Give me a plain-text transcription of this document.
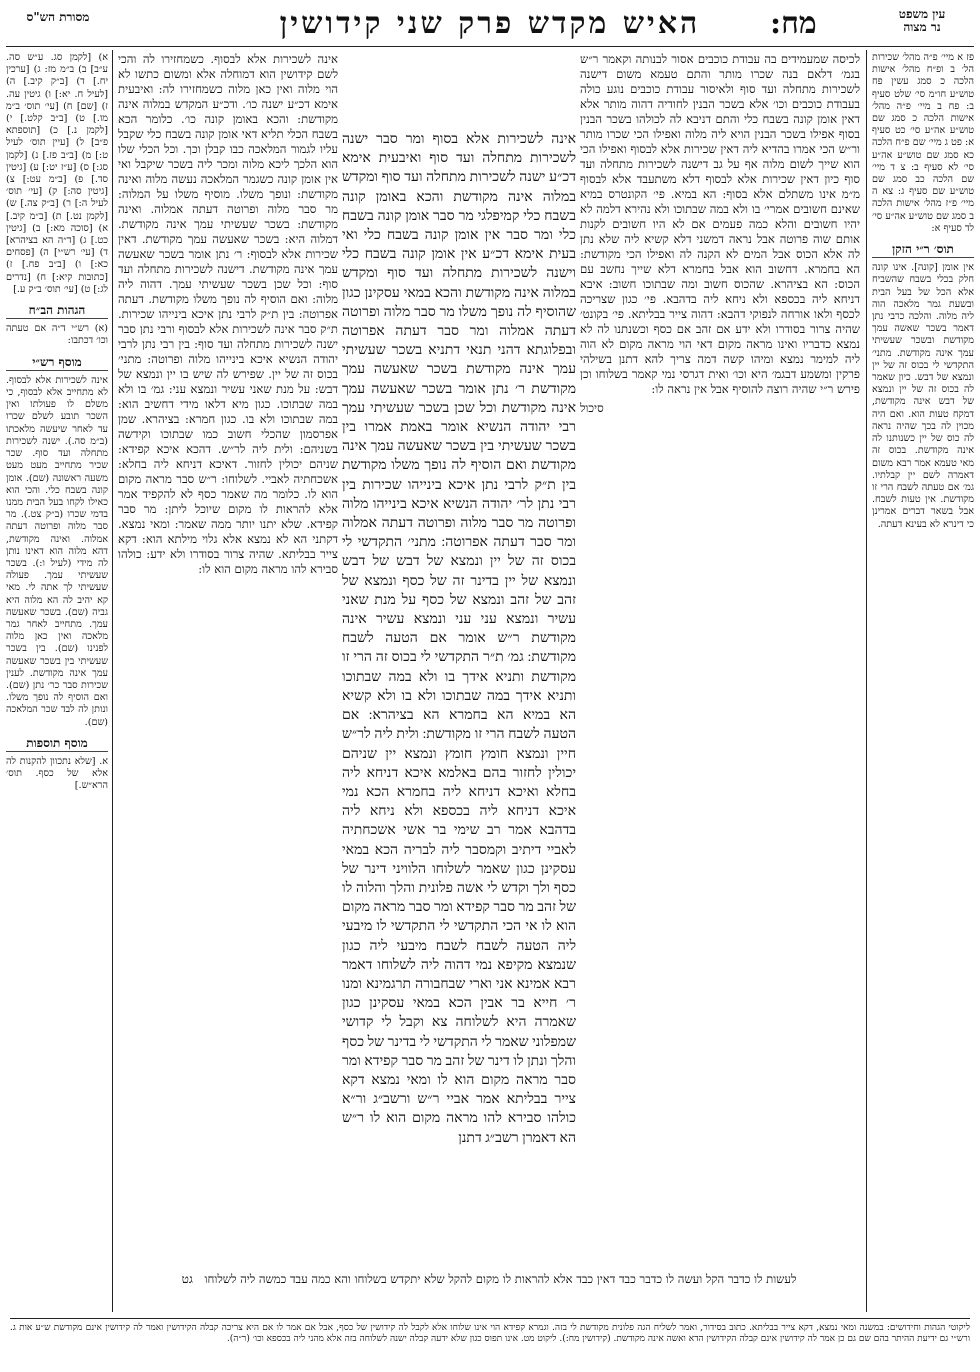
מסורת הש"ס	האיש מקדש פרק שני קידושין	מח:	עין משפט
נר מצוה
פז א מיי׳ פ״ה מהל׳ שכירות הל׳ ב ופ״ח מהל׳ אישות הלכה כ סמג עשין פח טוש״ע חו״מ סי׳ שלט סעיף ב: פח ב מיי׳ פ״ה מהל׳ אישות הלכה כ סמג שם טוש״ע אה״ע סי׳ כט סעיף א: פט ג מיי׳ שם פ״ח הלכה כא סמג שם טוש״ע אה״ע סי׳ לא סעיף ב: צ ד מיי׳ שם הלכה כב סמג שם טוש״ע שם סעיף ג: צא ה מיי׳ פ״ז מהל׳ אישות הלכה ב סמג שם טוש״ע אה״ע סי׳ לד סעיף א:
תוס׳ ר״י הזקן
אין אומן [קונה]. אינו קונה חלק בכלי בשבח שהשביח אלא הכל של בעל הבית ובשעת גמר מלאכה הוה ליה מלוה. והלכה כרבי נתן דאמר בשכר שאשה עמך מקודשת ובשכר שעשיתי עמך אינה מקודשת. מתני׳ התקדשי לי בכוס זה של יין ונמצא של דבש. כיון שאמר לה בכוס זה של יין ונמצא של דבש אינה מקודשת, דמקח טעות הוא. ואם היה מכוין לה בכך שהיה נראה לה כוס של יין כשנותנו לה אינה מקודשת. בכוס זה מאי טעמא אמר רבא משום דאמרה לשם יין קבלתיו. גמ׳ אם טעתה לשבח הרי זו מקודשת. אין טעות לשבח. אבל בשאר דברים אמרינן כי דינרא לא בעינא דעתה.
לכיסה שמעמידים בה עבודת כוכבים אסור לבנותה וקאמר ר״ש בגמ׳ דלאם בנה שכרו מותר והתם טעמא משום דישנה לשכירות מתחלה ועד סוף ולאיסור עבודת כוכבים נוגע כולה בעבודת כוכבים וכו׳ אלא בשכר הבנין לחודיה דהוה מותר אלא דאין אומן קונה בשבח כלי והתם דניבא לה לכולהו בשכר הבנין בסוף אפילו בשכר הבנין הויא ליה מלוה ואפילו הכי שכרו מותר ור״ש הכי אמרו בהדיא ליה דאין שכירות אלא לבסוף ואפילו הכי הוא שייך לשום מלוה אף על גב דישנה לשכירות מתחלה ועד סוף כיון דאין שכירות אלא לבסוף דלא משתעבד אלא לבסוף מ״מ אינו משתלם אלא בסוף: הא במיא. פי׳ הקונטרס במיא שאינם חשובים אמרי׳ בו ולא במה שבתוכו ולא נהירא דלמה לא יהיו חשובים והלא כמה פעמים אם לא היו חשובים לקנות אותם שוה פרוטה אבל נראה דמשני דלא קשיא ליה שלא נתן לה אלא הכוס אבל המים לא הקנה לה ואפילו הכי מקודשת: הא בחמרא. דחשוב הוא אבל בחמרא דלא שייך נחשב עם הכוס: הא בציהרא. שהכוס חשוב ומה שבתוכו חשוב: איבא דניחא ליה בכספא ולא ניחא ליה בדהבא. פי׳ כגון שצריכה לכסף ולאו אורחה לנפוקי דהבא: דהוה צייר בבליתא. פי׳ בקונט׳ שהיה צרור בסודרו ולא ידע אם זהב אם כסף וכשנתנו לה לא נמצא כדבריו ואינו מראה מקום דאי הוי מראה מקום לא הוה ליה למימר נמצא ומיהו קשה דמה צריך להא דתנן בשילהי פרקין ומשמע דבגמ׳ היא וכו׳ ואית דגרסי נמי קאמר בשלוחו וכן פירש ר״י שהיה רוצה להוסיף אבל אין נראה לו:
סיכול
אינה לשכירות אלא בסוף ומר סבר ישנה לשכירות מתחלה ועד סוף ואיבעית אימא דכ״ע ישנה לשכירות מתחלה ועד סוף ומקדש במלוה אינה מקודשת והכא באומן קונה בשבח כלי קמיפלגי מר סבר אומן קונה בשבח כלי ומר סבר אין אומן קונה בשבח כלי ואי בעית אימא דכ״ע אין אומן קונה בשבח כלי וישנה לשכירות מתחלה ועד סוף ומקדש במלוה אינה מקודשת והכא במאי עסקינן כגון שהוסיף לה נופך משלו מר סבר מלוה ופרוטה דעתה אמלוה ומר סבר דעתה אפרוטה ובפלוגתא דהני תנאי דתניא בשכר שעשיתי עמך אינה מקודשת בשכר שאעשה עמך מקודשת ר׳ נתן אומר בשכר שאעשה עמך אינה מקודשת וכל שכן בשכר שעשיתי עמך רבי יהודה הנשיא אומר באמת אמרו בין בשכר שעשיתי בין בשכר שאעשה עמך אינה מקודשת ואם הוסיף לה נופך משלו מקודשת בין ת״ק לרבי נתן איכא בינייהו שכירות בין רבי נתן לר׳ יהודה הנשיא איכא בינייהו מלוה ופרוטה מר סבר מלוה ופרוטה דעתה אמלוה ומר סבר דעתה אפרוטה: מתני׳ התקדשי לי בכוס זה של יין ונמצא של דבש של דבש ונמצא של יין בדינר זה של כסף ונמצא של זהב של זהב ונמצא של כסף על מנת שאני עשיר ונמצא עני עני ונמצא עשיר אינה מקודשת ר״ש אומר אם הטעה לשבח מקודשת: גמ׳ ת״ר התקדשי לי בכוס זה הרי זו מקודשת ותניא אידך בו ולא במה שבתוכו ותניא אידך במה שבתוכו ולא בו ולא קשיא הא במיא הא בחמרא הא בציהרא: אם הטעה לשבח הרי זו מקודשת: ולית ליה לר״ש חיין ונמצא חומץ חומץ ונמצא יין שניהם יכולין לחזור בהם באלמא איכא דניחא ליה בחלא ואיכא דניחא ליה בחמרא הכא נמי איכא דניחא ליה בכספא ולא ניחא ליה בדהבא אמר רב שימי בר אשי אשכחתיה לאביי דיתיב וקמסבר ליה לבריה הכא במאי עסקינן כגון שאמר לשלוחו הלוויני דינר של כסף ולך וקדש לי אשה פלונית והלך והלוה לו של זהב מר סבר קפידא ומר סבר מראה מקום הוא לו אי הכי התקדשי לי התקדשי לו מיבעי ליה הטעה לשבח לשבח מיבעי ליה כגון שנמצא מקיפא נמי דהוה ליה לשלוחו דאמר רבא אמינא אני וארי שבחבורה תרגמינא ומנו ר׳ חייא בר אבין הכא במאי עסקינן כגון שאמרה היא לשלוחה צא וקבל לי קדושי שמפלוני שאמר לי התקדשי לי בדינר של כסף והלך ונתן לו דינר של זהב מר סבר קפידא ומר סבר מראה מקום הוא לו ומאי נמצא דקא צייר בבליתא אמר אביי ר״ש ורשב״ג ור״א כולהו סבירא להו מראה מקום הוא לו ר״ש הא דאמרן רשב״ג דתנן
אינה לשכירות אלא לבסוף. כשמחזירו לה והכי לשם קידושין הוא דמוחלה אלא ומשום כתשו לא הוי מלוה ואין כאן מלוה כשמחזירו לה: ואיבעית אימא דכ״ע ישנה כו׳. ודכ״ע המקדש במלוה אינה מקודשת: והכא באומן קונה כו׳. כלומר הכא בשבח הכלי תליא דאי אומן קונה בשבח כלי שקבל עליו לגמור המלאכה כבו קבלן וכך. וכל הכלי שלו הוא הלכך ליכא מלוה ומכר ליה בשכר שיקבל ואי אין אומן קונה כשגמר המלאכה נעשה מלוה ואינה מקודשת: ונופך משלו. מוסיף משלו על המלוה: מר סבר מלוה ופרוטה דעתה אמלוה. ואינה מקודשת: בשכר שעשיתי עמך אינה מקודשת. דמלוה היא: בשכר שאעשה עמך מקודשת. דאין שכירות אלא לבסוף: ר׳ נתן אומר בשכר שאעשה עמך אינה מקודשת. דישנה לשכירות מתחלה ועד סוף: וכל שכן בשכר שעשיתי עמך. דהוה ליה מלוה: ואם הוסיף לה נופך משלו מקודשת. דעתה אפרוטה: בין ת״ק לרבי נתן איכא בינייהו שכירות. ת״ק סבר אינה לשכירות אלא לבסוף ורבי נתן סבר ישנה לשכירות מתחלה ועד סוף: בין רבי נתן לרבי יהודה הנשיא איכא בינייהו מלוה ופרוטה: מתני׳ בכוס זה של יין. שפירש לה שיש בו יין ונמצא של דבש: על מנת שאני עשיר ונמצא עני: גמ׳ בו ולא במה שבתוכו. כגון מיא דלאו מידי דחשיב הוא: במה שבתוכו ולא בו. כגון חמרא: בציהרא. שמן אפרסמון שהכלי חשוב כמו שבתוכו וקידשה בשניהם: ולית ליה לר״ש. דהכא איכא קפידא: שניהם יכולין לחזור. דאיכא דניחא ליה בחלא: אשכחתיה לאביי. לשלוחו: ר״ש סבר מראה מקום הוא לו. כלומר מה שאמר כסף לא להקפיד אמר אלא להראות לו מקום שיוכל ליתן: מר סבר קפידא. שלא יתנו יותר ממה שאמר: ומאי נמצא. דקתני הא לא נמצא אלא גלוי מילתא הוא: דקא צייר בבליתא. שהיה צרור בסודרו ולא ידע: כולהו סבירא להו מראה מקום הוא לו:
לעשות לו כדבר הקל ועשה לו כדבר כבד דאין כבד אלא להראות לו מקום להקל שלא יתקדש בשלוחו והא כמה עבד כמשה ליה לשלוחו גט
א) [לקמן סג. ע״ש סה. ע״ב] ב) ב״מ מז: ג) [ערכין יח.] ד) [ב״ק קיב.] ה) [לעיל ח. יא:] ו) גיטין עה. ז) [שם] ח) [עי׳ תוס׳ ב״מ מו.] ט) [ב״ב קלט.] י) [לקמן נ.] כ) [תוספתא פ״ב] ל) [עיין תוס׳ לעיל ט:] מ) [ב״ב פז.] נ) [לקמן סג:] ס) [ע״ז יט:] ע) [גיטין סד.] פ) [ב״מ עט:] צ) [גיטין סה:] ק) [עי׳ תוס׳ לעיל ה:] ר) [ב״ק צה.] ש) [לקמן נט.] ת) [ב״מ קיב.] א) [סוכה מא:] ב) [גיטין כט.] ג) [ד״ה הא בציהרא] ד) [עי׳ רש״י] ה) [פסחים כא:] ו) [ב״ב פח.] ז) [כתובות קיא:] ח) [נדרים לג:] ט) [עי׳ תוס׳ ב״ק ע.]
הגהות הב״ח
(א) רש״י ד״ה אם טעתה וכו׳ דכתבו:
מוסף רש״י
אינה לשכירות אלא לבסוף. לא מתחייב אלא לבסוף, כי משלם לו פעולתו ואין השכר תובע לשלם שכרו עד לאחר שיעשה מלאכתו (ב״מ סה.). ישנה לשכירות מתחלה ועד סוף. שכר שכיר מתחייב מעט מעט משעה ראשונה (שם). אומן קונה בשבח כלי. והכי הוא כאילו לקחו בעל הבית ממנו בדמי שכרו (ב״ק צט.). מר סבר מלוה ופרוטה דעתה אמלוה. ואינה מקודשת, דהא מלוה הוא דאינו נותן לה מידי (לעיל ו:). בשכר שעשיתי עמך. פעולה שעשיתי לך אתה לי. מאי קא יהיב לה הא מלוה היא גביה (שם). בשכר שאעשה עמך. מתחייב לאחר גמר מלאכה ואין כאן מלוה לפנינו (שם). בין בשכר שעשיתי בין בשכר שאעשה עמך אינה מקודשת. לענין שכירות סבר כר׳ נתן (שם). ואם הוסיף לה נופך משלו. ונותן לה לבד שכר המלאכה (שם).
מוסף תוספות
א. [שלא נתכוון להקנות לה אלא של כסף. תוס׳ הרא״ש.]
ליקוטי הגהות וחידושים: במשנה ומאי נמצא, דקא צייר בבליתא. כתוב בסידור, ואמר לשליח הגה פלונית מקודשת לי בזה. וגמרא קפידא הוי אינו שלוחו אלא לקבל לה קידושין של כסף, אבל אם אמר לו אם היא צריכה קבלה הקידושין ואמר לה קידושין אינם מקודשת ש״ע אות ג. ורש״י גם ידיעת ההיתר בהם שם גם כן אמר לה קידושין אינם קבלה הקידושין הדא ואשה אינה מקודשת. (קידושין מח:). ליקוט מט. אינו תפוס כגון שלא ידעה קבלה ישנה לשלוחה בזה אלא מהני ליה בכספא וכו׳ (ר״ה).
